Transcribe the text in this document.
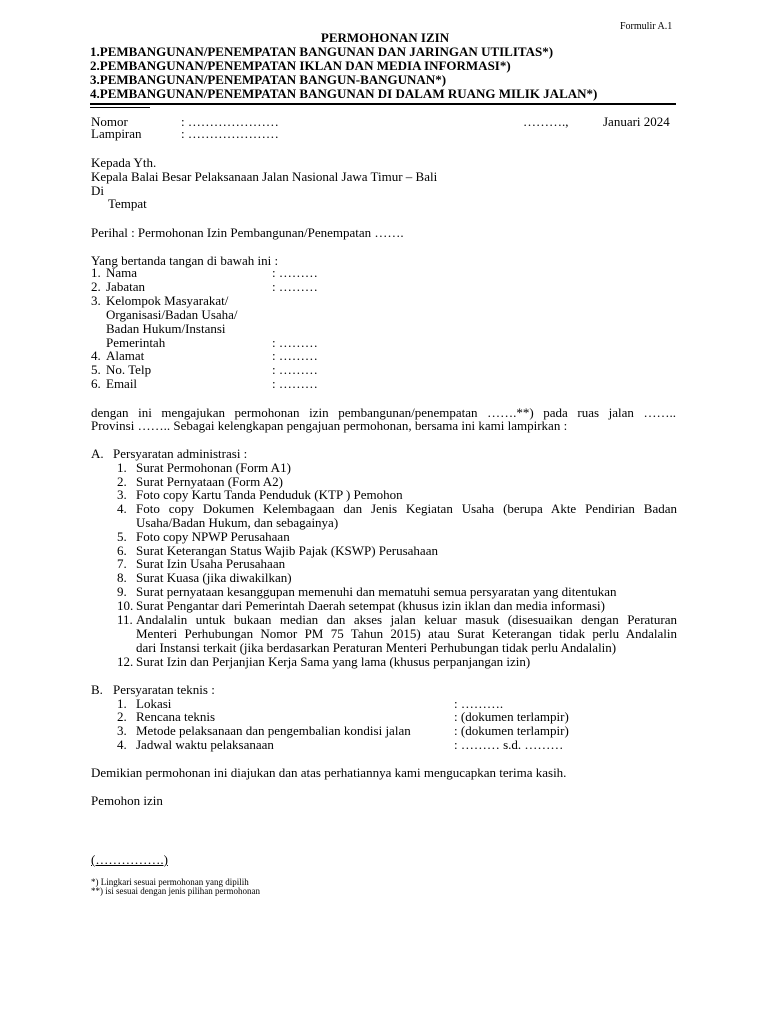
Formulir A.1
PERMOHONAN IZIN
1.PEMBANGUNAN/PENEMPATAN BANGUNAN DAN JARINGAN UTILITAS*)
2.PEMBANGUNAN/PENEMPATAN IKLAN DAN MEDIA INFORMASI*)
3.PEMBANGUNAN/PENEMPATAN BANGUN-BANGUNAN*)
4.PEMBANGUNAN/PENEMPATAN BANGUNAN DI DALAM RUANG MILIK JALAN*)
Nomor	: …………………	……….,	Januari 2024
Lampiran	: …………………
Kepada Yth.
Kepala Balai Besar Pelaksanaan Jalan Nasional Jawa Timur – Bali
Di
Tempat
Perihal : Permohonan Izin Pembangunan/Penempatan …….
Yang bertanda tangan di bawah ini :
1. Nama	: ………
2. Jabatan	: ………
3. Kelompok Masyarakat/
Organisasi/Badan Usaha/
Badan Hukum/Instansi
Pemerintah	: ………
4. Alamat	: ………
5. No. Telp	: ………
6. Email	: ………
dengan ini mengajukan permohonan izin pembangunan/penempatan …….**) pada ruas jalan ……..
Provinsi …….. Sebagai kelengkapan pengajuan permohonan, bersama ini kami lampirkan :
A. Persyaratan administrasi :
1. Surat Permohonan (Form A1)
2. Surat Pernyataan (Form A2)
3. Foto copy Kartu Tanda Penduduk (KTP ) Pemohon
4. Foto copy Dokumen Kelembagaan dan Jenis Kegiatan Usaha (berupa Akte Pendirian Badan
Usaha/Badan Hukum, dan sebagainya)
5. Foto copy NPWP Perusahaan
6. Surat Keterangan Status Wajib Pajak (KSWP) Perusahaan
7. Surat Izin Usaha Perusahaan
8. Surat Kuasa (jika diwakilkan)
9. Surat pernyataan kesanggupan memenuhi dan mematuhi semua persyaratan yang ditentukan
10. Surat Pengantar dari Pemerintah Daerah setempat (khusus izin iklan dan media informasi)
11. Andalalin untuk bukaan median dan akses jalan keluar masuk (disesuaikan dengan Peraturan
Menteri Perhubungan Nomor PM 75 Tahun 2015) atau Surat Keterangan tidak perlu Andalalin
dari Instansi terkait (jika berdasarkan Peraturan Menteri Perhubungan tidak perlu Andalalin)
12. Surat Izin dan Perjanjian Kerja Sama yang lama (khusus perpanjangan izin)
B. Persyaratan teknis :
1. Lokasi	: ……….
2. Rencana teknis	: (dokumen terlampir)
3. Metode pelaksanaan dan pengembalian kondisi jalan	: (dokumen terlampir)
4. Jadwal waktu pelaksanaan	: ……… s.d. ………
Demikian permohonan ini diajukan dan atas perhatiannya kami mengucapkan terima kasih.
Pemohon izin
(…………….)
*) Lingkari sesuai permohonan yang dipilih
**) isi sesuai dengan jenis pilihan permohonan
